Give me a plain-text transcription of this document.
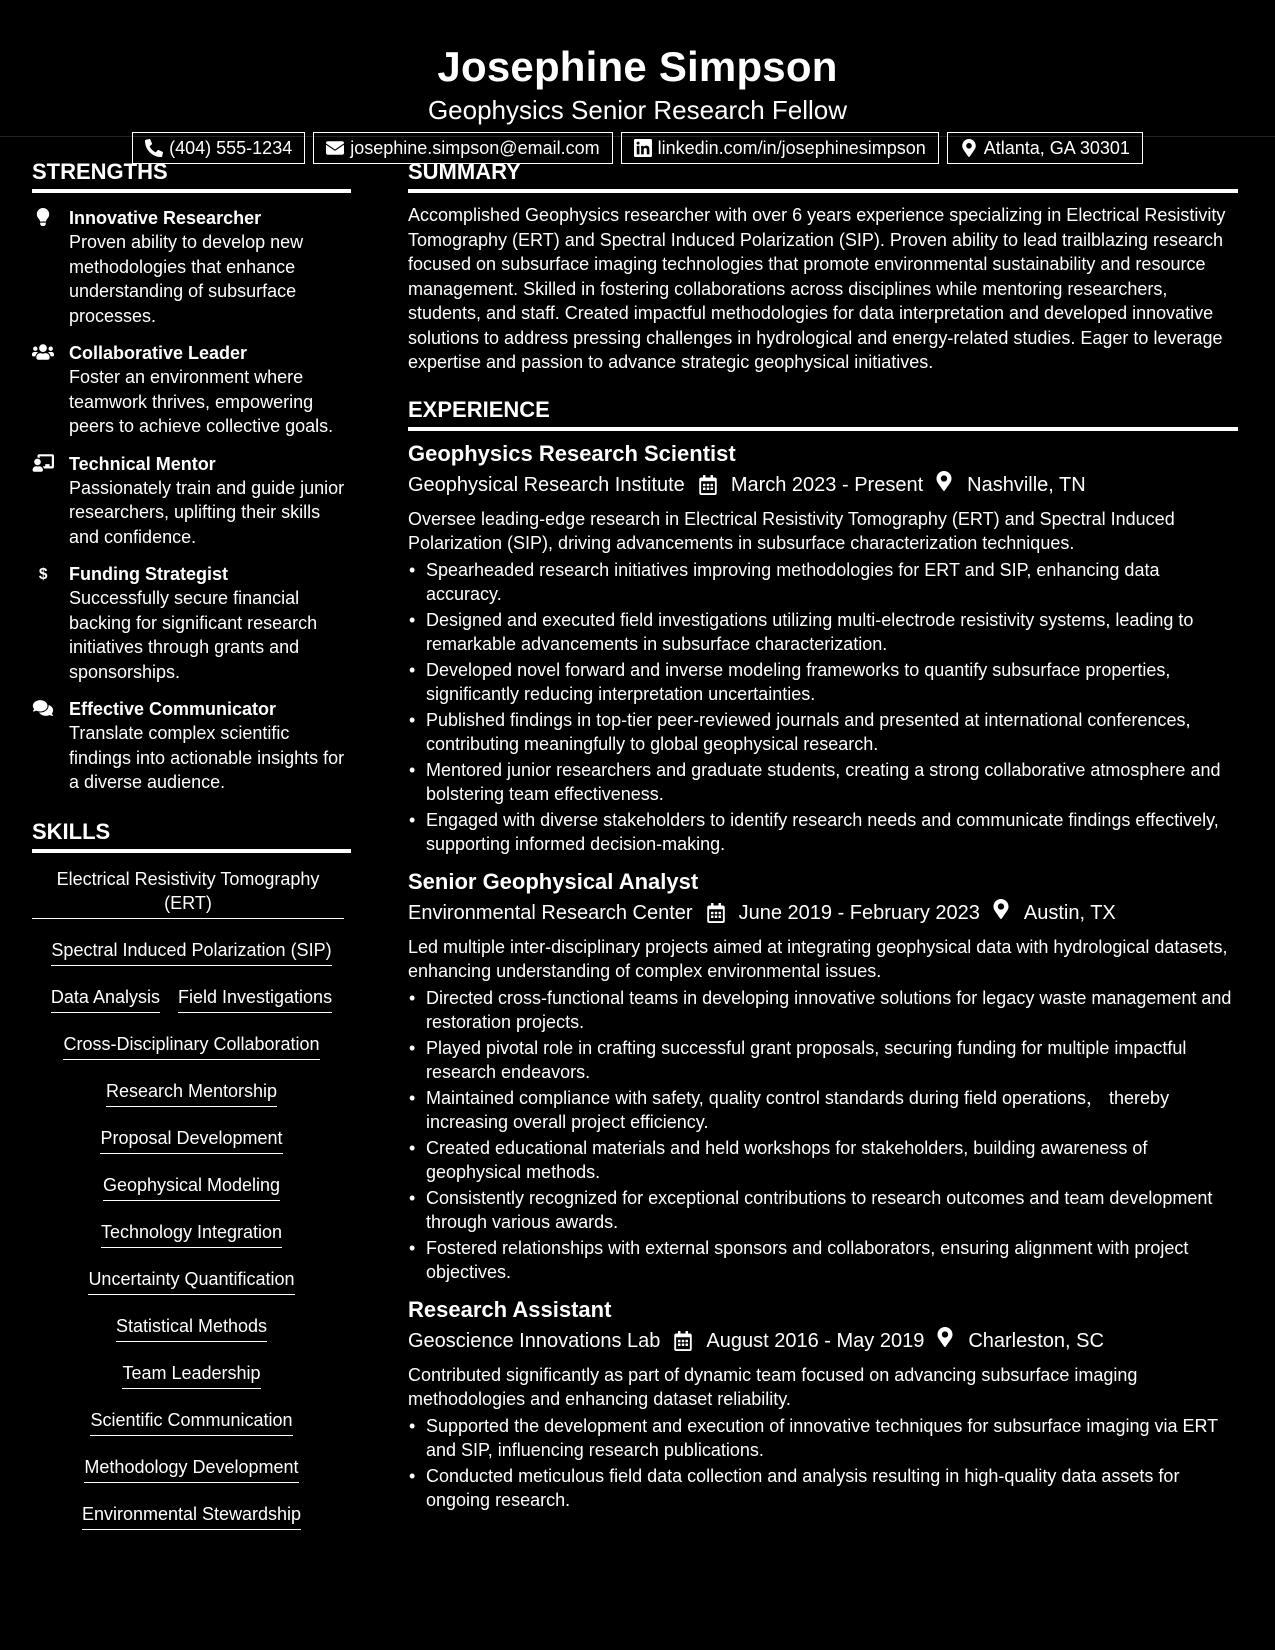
Josephine Simpson
Geophysics Senior Research Fellow
(404) 555-1234	josephine.simpson@email.com	linkedin.com/in/josephinesimpson	Atlanta, GA 30301
STRENGTHS
Innovative Researcher
Proven ability to develop new methodologies that enhance understanding of subsurface processes.
Collaborative Leader
Foster an environment where teamwork thrives, empowering peers to achieve collective goals.
Technical Mentor
Passionately train and guide junior researchers, uplifting their skills and confidence.
$ Funding Strategist
Successfully secure financial backing for significant research initiatives through grants and sponsorships.
Effective Communicator
Translate complex scientific findings into actionable insights for a diverse audience.
SKILLS
Electrical Resistivity Tomography (ERT)
Spectral Induced Polarization (SIP)
Data Analysis Field Investigations
Cross-Disciplinary Collaboration
Research Mentorship
Proposal Development
Geophysical Modeling
Technology Integration
Uncertainty Quantification
Statistical Methods
Team Leadership
Scientific Communication
Methodology Development
Environmental Stewardship
SUMMARY
Accomplished Geophysics researcher with over 6 years experience specializing in Electrical Resistivity Tomography (ERT) and Spectral Induced Polarization (SIP). Proven ability to lead trailblazing research focused on subsurface imaging technologies that promote environmental sustainability and resource management. Skilled in fostering collaborations across disciplines while mentoring researchers, students, and staff. Created impactful methodologies for data interpretation and developed innovative solutions to address pressing challenges in hydrological and energy-related studies. Eager to leverage expertise and passion to advance strategic geophysical initiatives.
EXPERIENCE
Geophysics Research Scientist
Geophysical Research Institute March 2023 - Present Nashville, TN
Oversee leading-edge research in Electrical Resistivity Tomography (ERT) and Spectral Induced Polarization (SIP), driving advancements in subsurface characterization techniques.
• Spearheaded research initiatives improving methodologies for ERT and SIP, enhancing data accuracy.
• Designed and executed field investigations utilizing multi-electrode resistivity systems, leading to remarkable advancements in subsurface characterization.
• Developed novel forward and inverse modeling frameworks to quantify subsurface properties, significantly reducing interpretation uncertainties.
• Published findings in top-tier peer-reviewed journals and presented at international conferences, contributing meaningfully to global geophysical research.
• Mentored junior researchers and graduate students, creating a strong collaborative atmosphere and bolstering team effectiveness.
• Engaged with diverse stakeholders to identify research needs and communicate findings effectively, supporting informed decision-making.
Senior Geophysical Analyst
Environmental Research Center June 2019 - February 2023 Austin, TX
Led multiple inter-disciplinary projects aimed at integrating geophysical data with hydrological datasets, enhancing understanding of complex environmental issues.
• Directed cross-functional teams in developing innovative solutions for legacy waste management and restoration projects.
• Played pivotal role in crafting successful grant proposals, securing funding for multiple impactful research endeavors.
• Maintained compliance with safety, quality control standards during field operations， thereby increasing overall project efficiency.
• Created educational materials and held workshops for stakeholders, building awareness of geophysical methods.
• Consistently recognized for exceptional contributions to research outcomes and team development through various awards.
• Fostered relationships with external sponsors and collaborators, ensuring alignment with project objectives.
Research Assistant
Geoscience Innovations Lab August 2016 - May 2019 Charleston, SC
Contributed significantly as part of dynamic team focused on advancing subsurface imaging methodologies and enhancing dataset reliability.
• Supported the development and execution of innovative techniques for subsurface imaging via ERT and SIP, influencing research publications.
• Conducted meticulous field data collection and analysis resulting in high-quality data assets for ongoing research.
